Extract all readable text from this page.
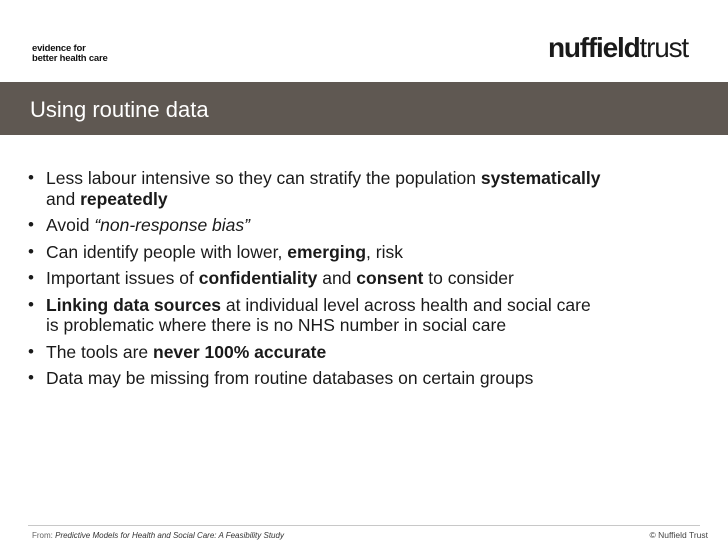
evidence for
better health care	nuffieldtrust
Using routine data
• Less labour intensive so they can stratify the population systematically and repeatedly
• Avoid “non-response bias”
• Can identify people with lower, emerging, risk
• Important issues of confidentiality and consent to consider
• Linking data sources at individual level across health and social care is problematic where there is no NHS number in social care
• The tools are never 100% accurate
• Data may be missing from routine databases on certain groups
From: Predictive Models for Health and Social Care: A Feasibility Study	© Nuffield Trust
